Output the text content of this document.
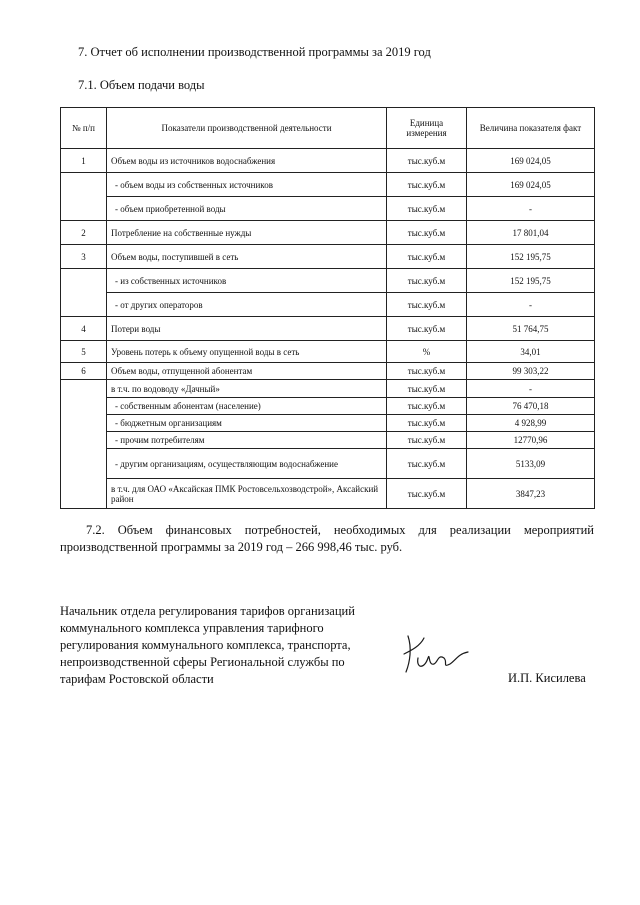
7. Отчет об исполнении производственной программы за 2019 год
7.1. Объем подачи воды
№ п/п	Показатели производственной деятельности	Единица измерения	Величина показателя факт
1	Объем воды из источников водоснабжения	тыс.куб.м	169 024,05
	- объем воды из собственных источников	тыс.куб.м	169 024,05
	- объем приобретенной воды	тыс.куб.м	-
2	Потребление на собственные нужды	тыс.куб.м	17 801,04
3	Объем воды, поступившей в сеть	тыс.куб.м	152 195,75
	- из собственных источников	тыс.куб.м	152 195,75
	- от других операторов	тыс.куб.м	-
4	Потери воды	тыс.куб.м	51 764,75
5	Уровень потерь к объему опущенной воды в сеть	%	34,01
6	Объем воды, отпущенной абонентам	тыс.куб.м	99 303,22
	в т.ч. по водоводу «Дачный»	тыс.куб.м	-
	- собственным абонентам (население)	тыс.куб.м	76 470,18
	- бюджетным организациям	тыс.куб.м	4 928,99
	- прочим потребителям	тыс.куб.м	12770,96
	- другим организациям, осуществляющим водоснабжение	тыс.куб.м	5133,09
	в т.ч. для ОАО «Аксайская ПМК Ростовсельхозводстрой», Аксайский район	тыс.куб.м	3847,23
7.2. Объем финансовых потребностей, необходимых для реализации мероприятий
производственной программы за 2019 год – 266 998,46 тыс. руб.
Начальник отдела регулирования тарифов организаций
коммунального комплекса управления тарифного
регулирования коммунального комплекса, транспорта,
непроизводственной сферы Региональной службы по
тарифам Ростовской области	И.П. Кисилева
